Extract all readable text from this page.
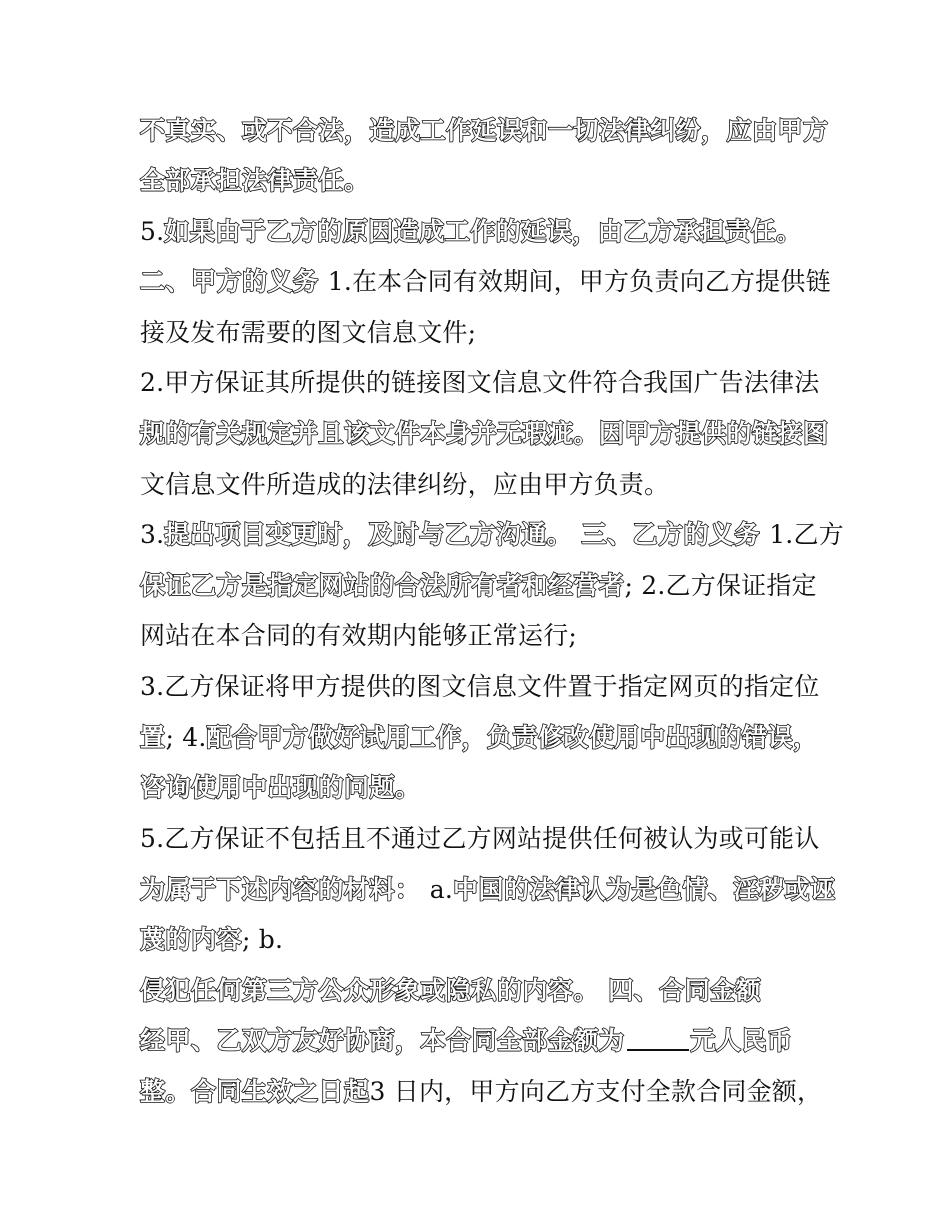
不真实、或不合法，造成工作延误和一切法律纠纷，应由甲方
全部承担法律责任。
5.如果由于乙方的原因造成工作的延误，由乙方承担责任。
二、甲方的义务 1.在本合同有效期间，甲方负责向乙方提供链
接及发布需要的图文信息文件;
2.甲方保证其所提供的链接图文信息文件符合我国广告法律法
规的有关规定并且该文件本身并无瑕疵。因甲方提供的链接图
文信息文件所造成的法律纠纷，应由甲方负责。
3.提出项目变更时，及时与乙方沟通。 三、乙方的义务 1.乙方
保证乙方是指定网站的合法所有者和经营者; 2.乙方保证指定
网站在本合同的有效期内能够正常运行;
3.乙方保证将甲方提供的图文信息文件置于指定网页的指定位
置; 4.配合甲方做好试用工作，负责修改使用中出现的错误，
咨询使用中出现的问题。
5.乙方保证不包括且不通过乙方网站提供任何被认为或可能认
为属于下述内容的材料： a.中国的法律认为是色情、淫秽或诬
蔑的内容; b.
侵犯任何第三方公众形象或隐私的内容。 四、合同金额
经甲、乙双方友好协商，本合同全部金额为	元人民币
整。合同生效之日起3 日内，甲方向乙方支付全款合同金额，
